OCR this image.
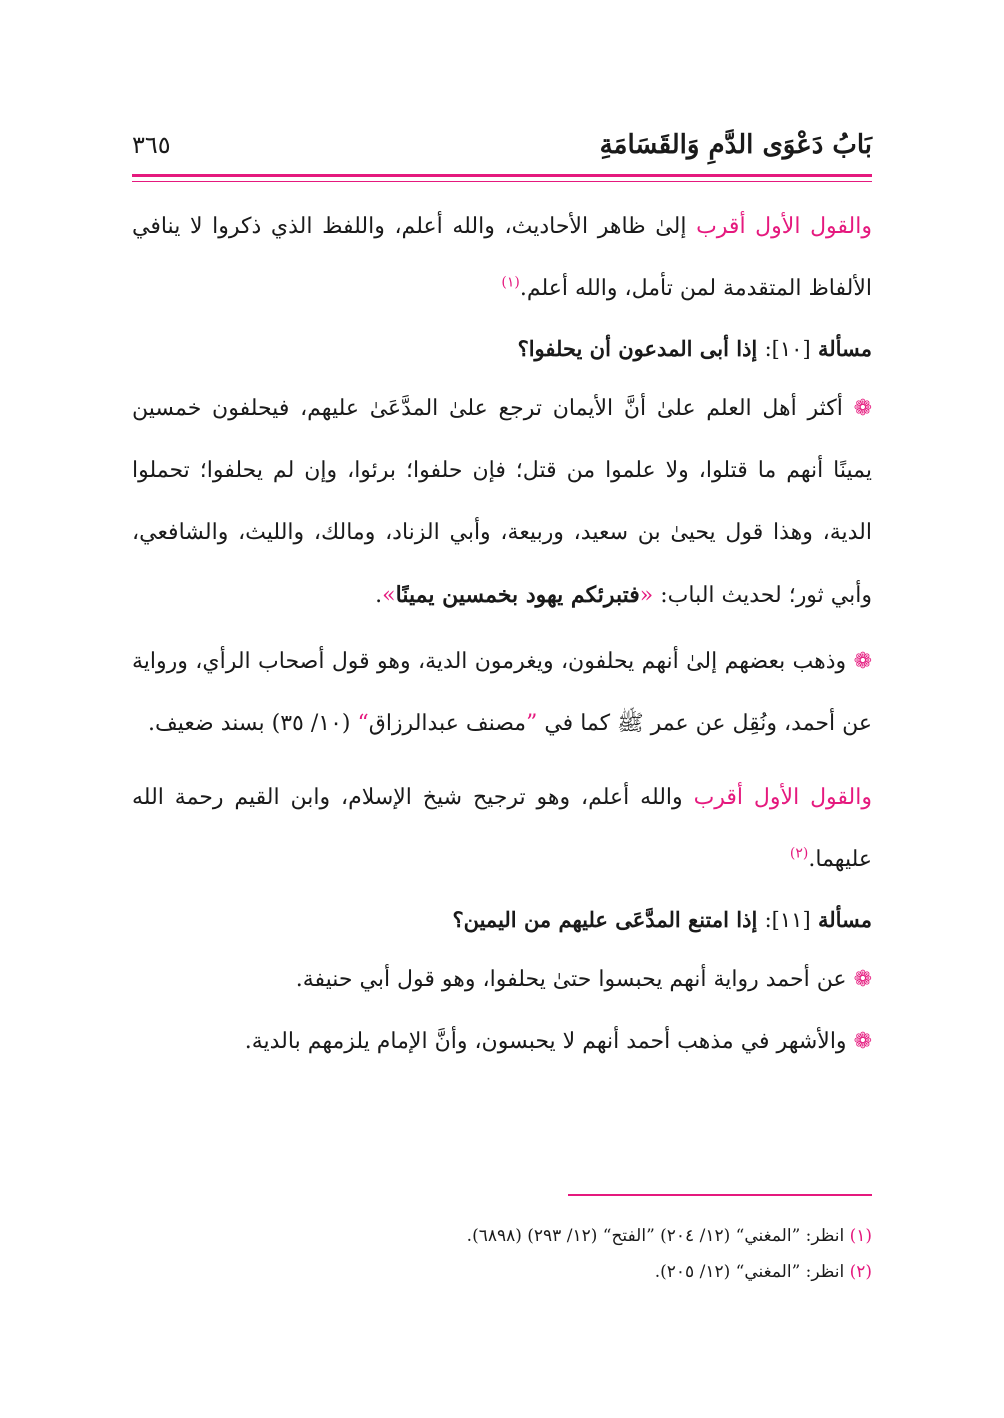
بَابُ دَعْوَى الدَّمِ وَالقَسَامَةِ
٣٦٥

والقول الأول أقرب إلىٰ ظاهر الأحاديث، والله أعلم، واللفظ الذي ذكروا لا ينافي الألفاظ المتقدمة لمن تأمل، والله أعلم.$^{(١)}$

مسألة [١٠]: إذا أبى المدعون أن يحلفوا؟

❁ أكثر أهل العلم علىٰ أنَّ الأيمان ترجع علىٰ المدَّعَىٰ عليهم، فيحلفون خمسين يمينًا أنهم ما قتلوا، ولا علموا من قتل؛ فإن حلفوا؛ برئوا، وإن لم يحلفوا؛ تحملوا الدية، وهذا قول يحيىٰ بن سعيد، وربيعة، وأبي الزناد، ومالك، والليث، والشافعي، وأبي ثور؛ لحديث الباب: «فتبرئكم يهود بخمسين يمينًا».

❁ وذهب بعضهم إلىٰ أنهم يحلفون، ويغرمون الدية، وهو قول أصحاب الرأي، ورواية عن أحمد، ونُقِل عن عمر ﷺ كما في ”مصنف عبدالرزاق“ (١٠/ ٣٥) بسند ضعيف.

والقول الأول أقرب والله أعلم، وهو ترجيح شيخ الإسلام، وابن القيم رحمة الله عليهما.$^{(٢)}$

مسألة [١١]: إذا امتنع المدَّعَى عليهم من اليمين؟

❁ عن أحمد رواية أنهم يحبسوا حتىٰ يحلفوا، وهو قول أبي حنيفة.

❁ والأشهر في مذهب أحمد أنهم لا يحبسون، وأنَّ الإمام يلزمهم بالدية.

(١) انظر: ”المغني“ (١٢/ ٢٠٤) ”الفتح“ (١٢/ ٢٩٣) (٦٨٩٨).
(٢) انظر: ”المغني“ (١٢/ ٢٠٥).
